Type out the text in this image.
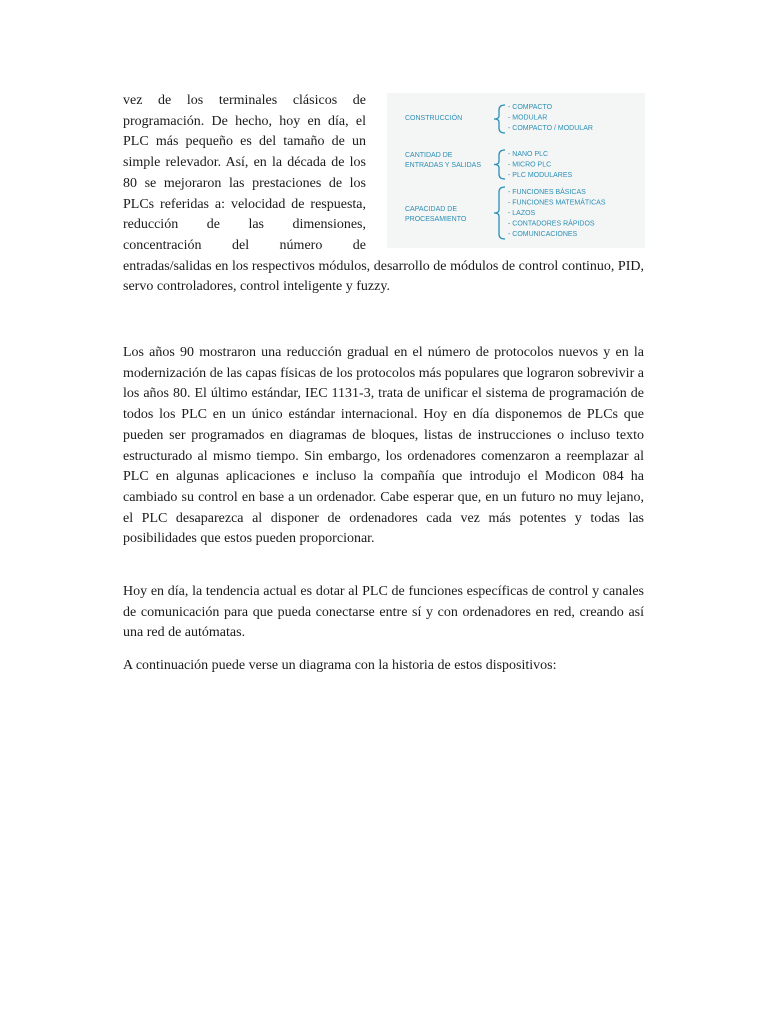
vez de los terminales clásicos de programación. De hecho, hoy en día, el PLC más pequeño es del tamaño de un simple relevador. Así, en la década de los 80 se mejoraron las prestaciones de los PLCs referidas a: velocidad de respuesta, reducción de las dimensiones, concentración del número de entradas/salidas en los respectivos módulos, desarrollo de módulos de control continuo, PID, servo controladores, control inteligente y fuzzy.

Los años 90 mostraron una reducción gradual en el número de protocolos nuevos y en la modernización de las capas físicas de los protocolos más populares que lograron sobrevivir a los años 80. El último estándar, IEC 1131-3, trata de unificar el sistema de programación de todos los PLC en un único estándar internacional. Hoy en día disponemos de PLCs que pueden ser programados en diagramas de bloques, listas de instrucciones o incluso texto estructurado al mismo tiempo. Sin embargo, los ordenadores comenzaron a reemplazar al PLC en algunas aplicaciones e incluso la compañía que introdujo el Modicon 084 ha cambiado su control en base a un ordenador. Cabe esperar que, en un futuro no muy lejano, el PLC desaparezca al disponer de ordenadores cada vez más potentes y todas las posibilidades que estos pueden proporcionar.

Hoy en día, la tendencia actual es dotar al PLC de funciones específicas de control y canales de comunicación para que pueda conectarse entre sí y con ordenadores en red, creando así una red de autómatas.

A continuación puede verse un diagrama con la historia de estos dispositivos:

CONSTRUCCIÓN
- COMPACTO
- MODULAR
- COMPACTO / MODULAR
CANTIDAD DE
ENTRADAS Y SALIDAS
- NANO PLC
- MICRO PLC
- PLC MODULARES
CAPACIDAD DE
PROCESAMIENTO
- FUNCIONES BÁSICAS
- FUNCIONES MATEMÁTICAS
- LAZOS
- CONTADORES RÁPIDOS
- COMUNICACIONES
